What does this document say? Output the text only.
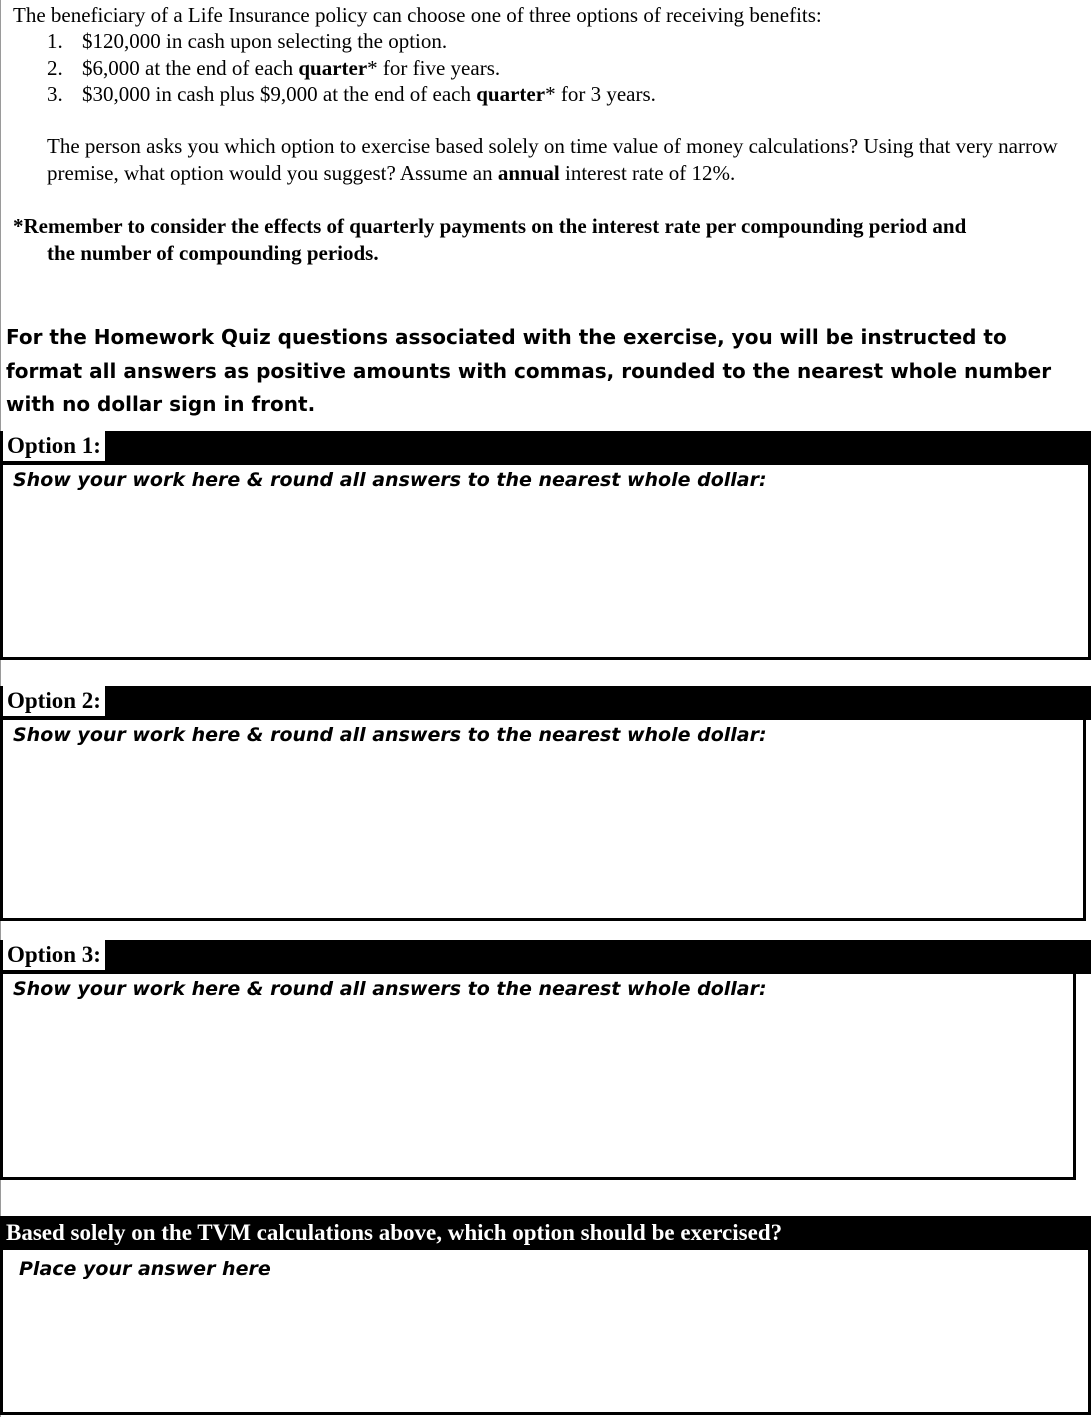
The beneficiary of a Life Insurance policy can choose one of three options of receiving benefits:
1. $120,000 in cash upon selecting the option.
2. $6,000 at the end of each quarter* for five years.
3. $30,000 in cash plus $9,000 at the end of each quarter* for 3 years.
The person asks you which option to exercise based solely on time value of money calculations? Using that very narrow premise, what option would you suggest? Assume an annual interest rate of 12%.
*Remember to consider the effects of quarterly payments on the interest rate per compounding period and
the number of compounding periods.
For the Homework Quiz questions associated with the exercise, you will be instructed to format all answers as positive amounts with commas, rounded to the nearest whole number with no dollar sign in front.
Option 1:
Show your work here & round all answers to the nearest whole dollar:
Option 2:
Show your work here & round all answers to the nearest whole dollar:
Option 3:
Show your work here & round all answers to the nearest whole dollar:
Based solely on the TVM calculations above, which option should be exercised?
Place your answer here
